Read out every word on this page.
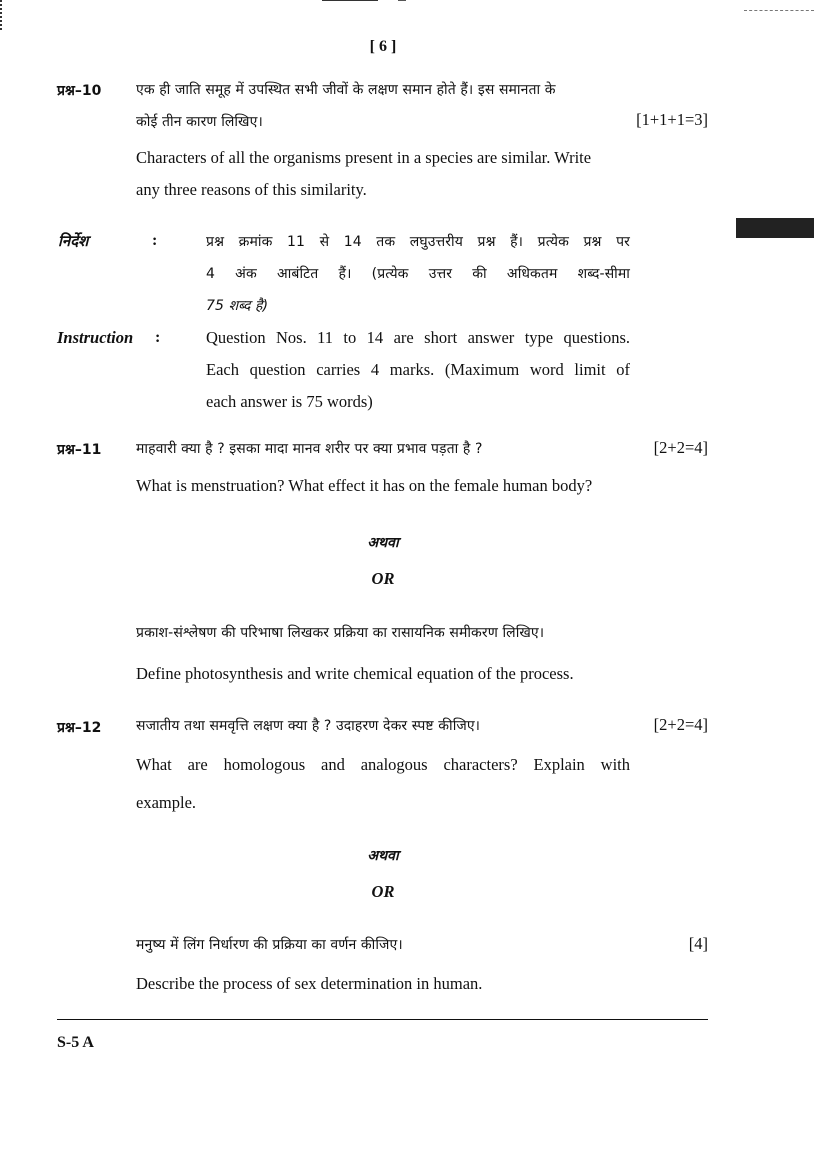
[ 6 ]
प्रश्न–10 एक ही जाति समूह में उपस्थित सभी जीवों के लक्षण समान होते हैं। इस समानता के
कोई तीन कारण लिखिए।	[1+1+1=3]
Characters of all the organisms present in a species are similar. Write
any three reasons of this similarity.
निर्देश	:	प्रश्न क्रमांक 11 से 14 तक लघुउत्तरीय प्रश्न हैं। प्रत्येक प्रश्न पर
4 अंक आबंटित हैं। (प्रत्येक उत्तर की अधिकतम शब्द-सीमा
75 शब्द है)
Instruction :	Question Nos. 11 to 14 are short answer type questions.
Each question carries 4 marks. (Maximum word limit of
each answer is 75 words)
प्रश्न–11 माहवारी क्या है ? इसका मादा मानव शरीर पर क्या प्रभाव पड़ता है ?	[2+2=4]
What is menstruation? What effect it has on the female human body?
अथवा
OR
प्रकाश-संश्लेषण की परिभाषा लिखकर प्रक्रिया का रासायनिक समीकरण लिखिए।
Define photosynthesis and write chemical equation of the process.
प्रश्न–12 सजातीय तथा समवृत्ति लक्षण क्या है ? उदाहरण देकर स्पष्ट कीजिए।	[2+2=4]
What are homologous and analogous characters? Explain with
example.
अथवा
OR
मनुष्य में लिंग निर्धारण की प्रक्रिया का वर्णन कीजिए।	[4]
Describe the process of sex determination in human.
S-5 A
